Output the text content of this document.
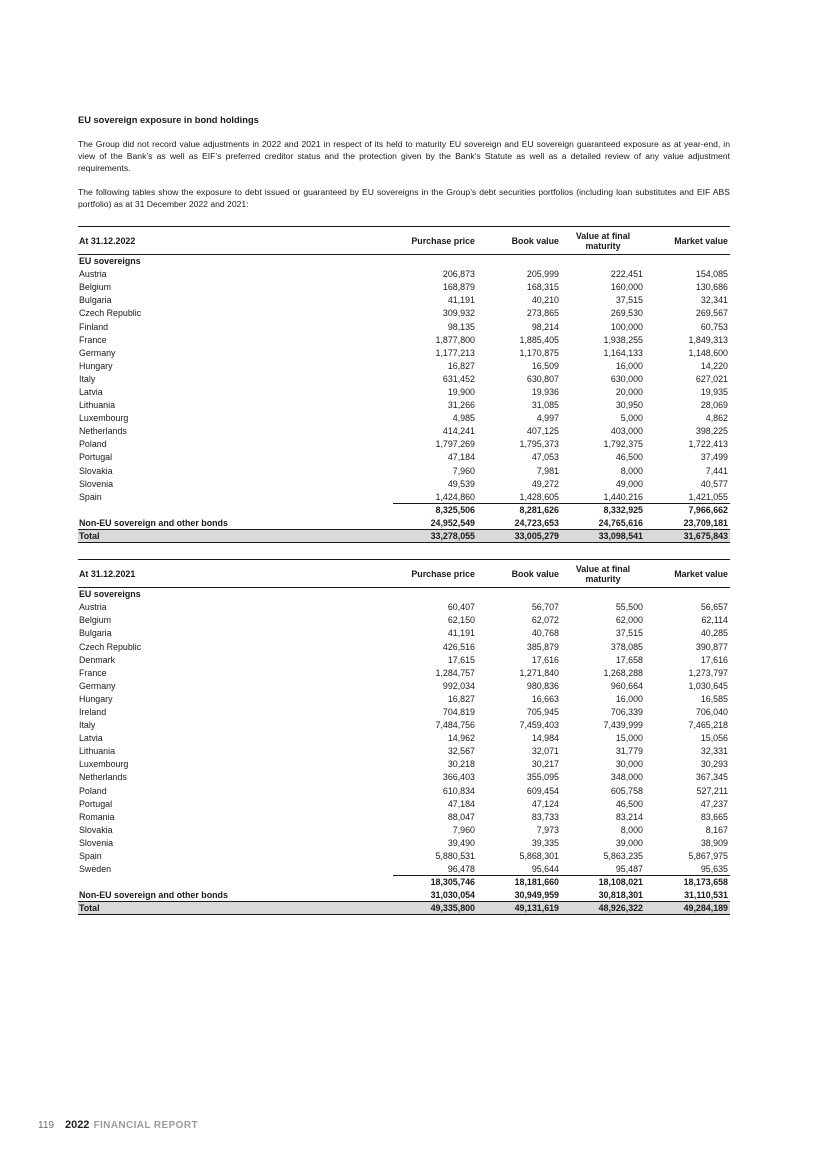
EU sovereign exposure in bond holdings

The Group did not record value adjustments in 2022 and 2021 in respect of its held to maturity EU sovereign and EU sovereign guaranteed exposure as at year-end, in view of the Bank’s as well as EIF’s preferred creditor status and the protection given by the Bank’s Statute as well as a detailed review of any value adjustment requirements.

The following tables show the exposure to debt issued or guaranteed by EU sovereigns in the Group’s debt securities portfolios (including loan substitutes and EIF ABS portfolio) as at 31 December 2022 and 2021:

At 31.12.2022	Purchase price	Book value	Value at final maturity	Market value
EU sovereigns				
Austria	206,873	205,999	222,451	154,085
Belgium	168,879	168,315	160,000	130,686
Bulgaria	41,191	40,210	37,515	32,341
Czech Republic	309,932	273,865	269,530	269,567
Finland	98,135	98,214	100,000	60,753
France	1,877,800	1,885,405	1,938,255	1,849,313
Germany	1,177,213	1,170,875	1,164,133	1,148,600
Hungary	16,827	16,509	16,000	14,220
Italy	631,452	630,807	630,000	627,021
Latvia	19,900	19,936	20,000	19,935
Lithuania	31,266	31,085	30,950	28,069
Luxembourg	4,985	4,997	5,000	4,862
Netherlands	414,241	407,125	403,000	398,225
Poland	1,797,269	1,795,373	1,792,375	1,722,413
Portugal	47,184	47,053	46,500	37,499
Slovakia	7,960	7,981	8,000	7,441
Slovenia	49,539	49,272	49,000	40,577
Spain	1,424,860	1,428,605	1,440,216	1,421,055
	8,325,506	8,281,626	8,332,925	7,966,662
Non-EU sovereign and other bonds	24,952,549	24,723,653	24,765,616	23,709,181
Total	33,278,055	33,005,279	33,098,541	31,675,843
At 31.12.2021	Purchase price	Book value	Value at final maturity	Market value
EU sovereigns				
Austria	60,407	56,707	55,500	56,657
Belgium	62,150	62,072	62,000	62,114
Bulgaria	41,191	40,768	37,515	40,285
Czech Republic	426,516	385,879	378,085	390,877
Denmark	17,615	17,616	17,658	17,616
France	1,284,757	1,271,840	1,268,288	1,273,797
Germany	992,034	980,836	960,664	1,030,645
Hungary	16,827	16,663	16,000	16,585
Ireland	704,819	705,945	706,339	706,040
Italy	7,484,756	7,459,403	7,439,999	7,465,218
Latvia	14,962	14,984	15,000	15,056
Lithuania	32,567	32,071	31,779	32,331
Luxembourg	30,218	30,217	30,000	30,293
Netherlands	366,403	355,095	348,000	367,345
Poland	610,834	609,454	605,758	527,211
Portugal	47,184	47,124	46,500	47,237
Romania	88,047	83,733	83,214	83,665
Slovakia	7,960	7,973	8,000	8,167
Slovenia	39,490	39,335	39,000	38,909
Spain	5,880,531	5,868,301	5,863,235	5,867,975
Sweden	96,478	95,644	95,487	95,635
	18,305,746	18,181,660	18,108,021	18,173,658
Non-EU sovereign and other bonds	31,030,054	30,949,959	30,818,301	31,110,531
Total	49,335,800	49,131,619	48,926,322	49,284,189
119 2022 FINANCIAL REPORT
